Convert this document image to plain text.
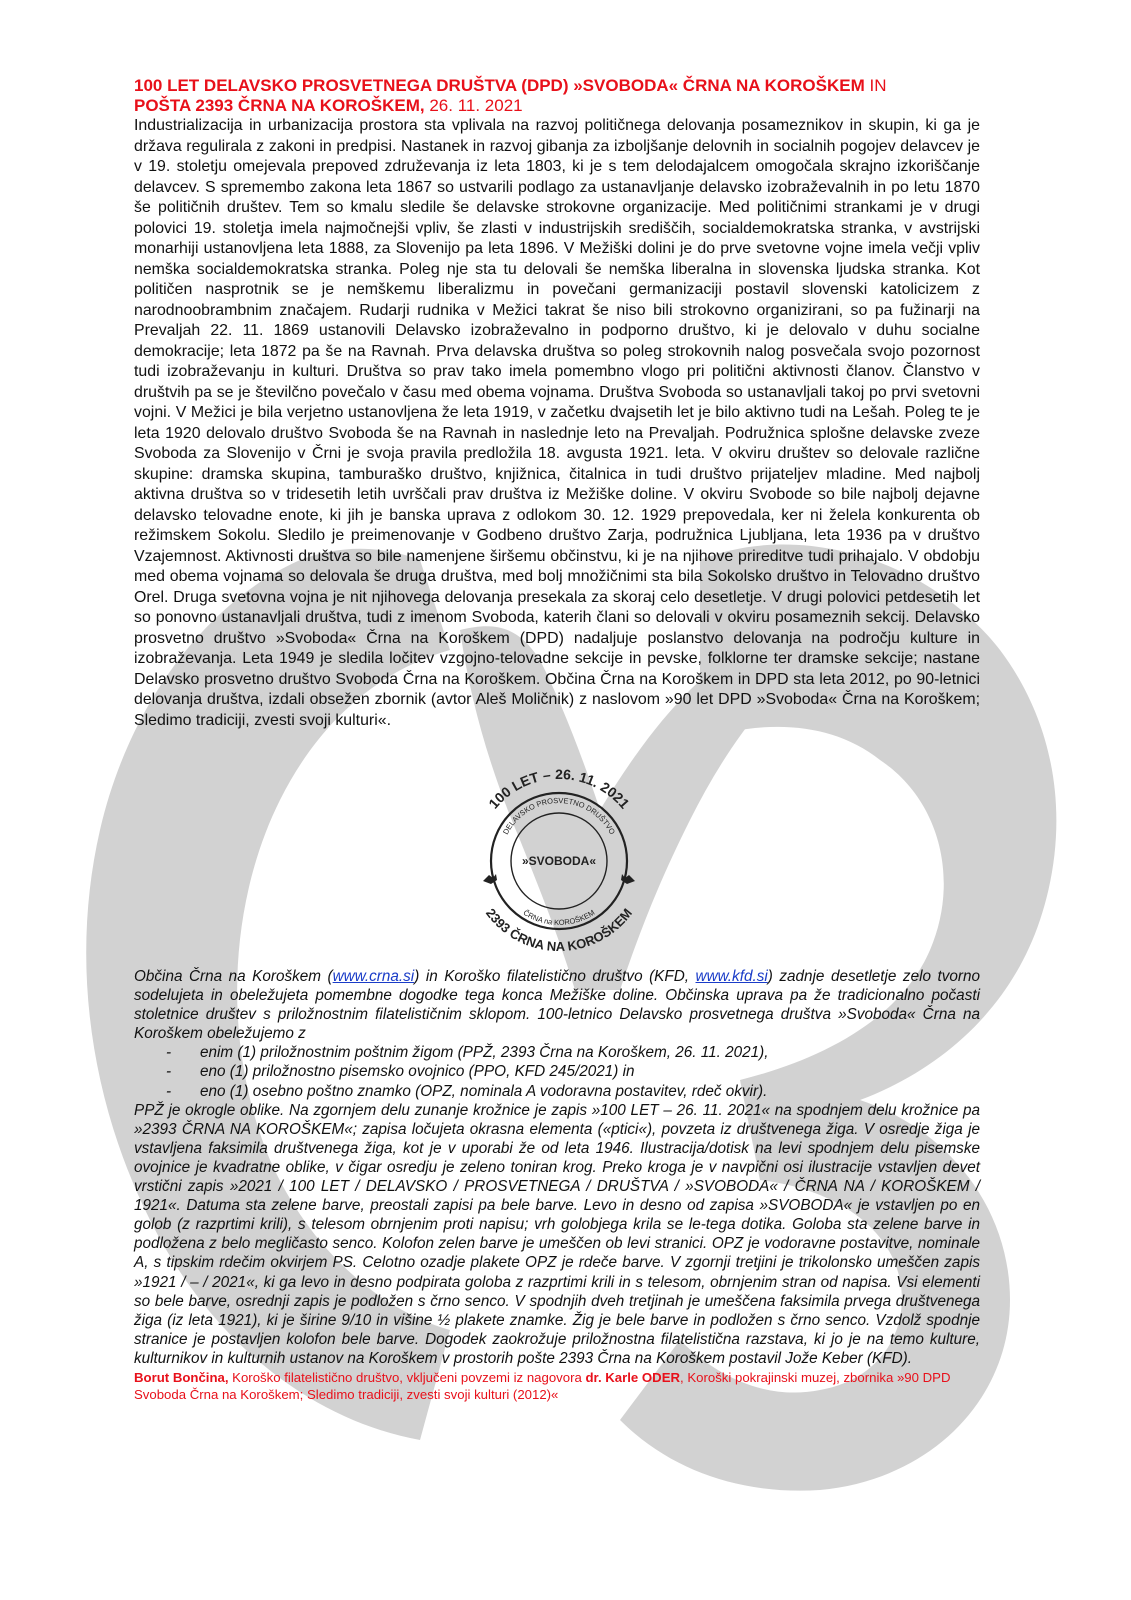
100 LET DELAVSKO PROSVETNEGA DRUŠTVA (DPD) »SVOBODA« ČRNA NA KOROŠKEM IN
POŠTA 2393 ČRNA NA KOROŠKEM, 26. 11. 2021

Industrializacija in urbanizacija prostora sta vplivala na razvoj političnega delovanja posameznikov in skupin, ki ga je država regulirala z zakoni in predpisi. Nastanek in razvoj gibanja za izboljšanje delovnih in socialnih pogojev delavcev je v 19. stoletju omejevala prepoved združevanja iz leta 1803, ki je s tem delodajalcem omogočala skrajno izkoriščanje delavcev. S spremembo zakona leta 1867 so ustvarili podlago za ustanavljanje delavsko izobraževalnih in po letu 1870 še političnih društev. Tem so kmalu sledile še delavske strokovne organizacije. Med političnimi strankami je v drugi polovici 19. stoletja imela najmočnejši vpliv, še zlasti v industrijskih središčih, socialdemokratska stranka, v avstrijski monarhiji ustanovljena leta 1888, za Slovenijo pa leta 1896. V Mežiški dolini je do prve svetovne vojne imela večji vpliv nemška socialdemokratska stranka. Poleg nje sta tu delovali še nemška liberalna in slovenska ljudska stranka. Kot političen nasprotnik se je nemškemu liberalizmu in povečani germanizaciji postavil slovenski katolicizem z narodnoobrambnim značajem. Rudarji rudnika v Mežici takrat še niso bili strokovno organizirani, so pa fužinarji na Prevaljah 22. 11. 1869 ustanovili Delavsko izobraževalno in podporno društvo, ki je delovalo v duhu socialne demokracije; leta 1872 pa še na Ravnah. Prva delavska društva so poleg strokovnih nalog posvečala svojo pozornost tudi izobraževanju in kulturi. Društva so prav tako imela pomembno vlogo pri politični aktivnosti članov. Članstvo v društvih pa se je številčno povečalo v času med obema vojnama. Društva Svoboda so ustanavljali takoj po prvi svetovni vojni. V Mežici je bila verjetno ustanovljena že leta 1919, v začetku dvajsetih let je bilo aktivno tudi na Lešah. Poleg te je leta 1920 delovalo društvo Svoboda še na Ravnah in naslednje leto na Prevaljah. Podružnica splošne delavske zveze Svoboda za Slovenijo v Črni je svoja pravila predložila 18. avgusta 1921. leta. V okviru društev so delovale različne skupine: dramska skupina, tamburaško društvo, knjižnica, čitalnica in tudi društvo prijateljev mladine. Med najbolj aktivna društva so v tridesetih letih uvrščali prav društva iz Mežiške doline. V okviru Svobode so bile najbolj dejavne delavsko telovadne enote, ki jih je banska uprava z odlokom 30. 12. 1929 prepovedala, ker ni želela konkurenta ob režimskem Sokolu. Sledilo je preimenovanje v Godbeno društvo Zarja, podružnica Ljubljana, leta 1936 pa v društvo Vzajemnost. Aktivnosti društva so bile namenjene širšemu občinstvu, ki je na njihove prireditve tudi prihajalo. V obdobju med obema vojnama so delovala še druga društva, med bolj množičnimi sta bila Sokolsko društvo in Telovadno društvo Orel. Druga svetovna vojna je nit njihovega delovanja presekala za skoraj celo desetletje. V drugi polovici petdesetih let so ponovno ustanavljali društva, tudi z imenom Svoboda, katerih člani so delovali v okviru posameznih sekcij. Delavsko prosvetno društvo »Svoboda« Črna na Koroškem (DPD) nadaljuje poslanstvo delovanja na področju kulture in izobraževanja. Leta 1949 je sledila ločitev vzgojno-telovadne sekcije in pevske, folklorne ter dramske sekcije; nastane Delavsko prosvetno društvo Svoboda Črna na Koroškem. Občina Črna na Koroškem in DPD sta leta 2012, po 90-letnici delovanja društva, izdali obsežen zbornik (avtor Aleš Moličnik) z naslovom »90 let DPD »Svoboda« Črna na Koroškem; Sledimo tradiciji, zvesti svoji kulturi«.

100 LET – 26. 11. 2021
2393 ČRNA NA KOROŠKEM
DELAVSKO PROSVETNO DRUŠTVO
ČRNA na KOROŠKEM
»SVOBODA«

Občina Črna na Koroškem (www.crna.si) in Koroško filatelistično društvo (KFD, www.kfd.si) zadnje desetletje zelo tvorno sodelujeta in obeležujeta pomembne dogodke tega konca Mežiške doline. Občinska uprava pa že tradicionalno počasti stoletnice društev s priložnostnim filatelističnim sklopom. 100-letnico Delavsko prosvetnega društva »Svoboda« Črna na Koroškem obeležujemo z

- enim (1) priložnostnim poštnim žigom (PPŽ, 2393 Črna na Koroškem, 26. 11. 2021),
- eno (1) priložnostno pisemsko ovojnico (PPO, KFD 245/2021) in
- eno (1) osebno poštno znamko (OPZ, nominala A vodoravna postavitev, rdeč okvir).

PPŽ je okrogle oblike. Na zgornjem delu zunanje krožnice je zapis »100 LET – 26. 11. 2021« na spodnjem delu krožnice pa »2393 ČRNA NA KOROŠKEM«; zapisa ločujeta okrasna elementa («ptici«), povzeta iz društvenega žiga. V osredje žiga je vstavljena faksimila društvenega žiga, kot je v uporabi že od leta 1946. Ilustracija/dotisk na levi spodnjem delu pisemske ovojnice je kvadratne oblike, v čigar osredju je zeleno toniran krog. Preko kroga je v navpični osi ilustracije vstavljen devet vrstični zapis »2021 / 100 LET / DELAVSKO / PROSVETNEGA / DRUŠTVA / »SVOBODA« / ČRNA NA / KOROŠKEM / 1921«. Datuma sta zelene barve, preostali zapisi pa bele barve. Levo in desno od zapisa »SVOBODA« je vstavljen po en golob (z razprtimi krili), s telesom obrnjenim proti napisu; vrh golobjega krila se le-tega dotika. Goloba sta zelene barve in podložena z belo megličasto senco. Kolofon zelen barve je umeščen ob levi stranici. OPZ je vodoravne postavitve, nominale A, s tipskim rdečim okvirjem PS. Celotno ozadje plakete OPZ je rdeče barve. V zgornji tretjini je trikolonsko umeščen zapis »1921 / – / 2021«, ki ga levo in desno podpirata goloba z razprtimi krili in s telesom, obrnjenim stran od napisa. Vsi elementi so bele barve, osrednji zapis je podložen s črno senco. V spodnjih dveh tretjinah je umeščena faksimila prvega društvenega žiga (iz leta 1921), ki je širine 9/10 in višine ½ plakete znamke. Žig je bele barve in podložen s črno senco. Vzdolž spodnje stranice je postavljen kolofon bele barve. Dogodek zaokrožuje priložnostna filatelistična razstava, ki jo je na temo kulture, kulturnikov in kulturnih ustanov na Koroškem v prostorih pošte 2393 Črna na Koroškem postavil Jože Keber (KFD).

Borut Bončina, Koroško filatelistično društvo, vključeni povzemi iz nagovora dr. Karle ODER, Koroški pokrajinski muzej, zbornika »90 DPD Svoboda Črna na Koroškem; Sledimo tradiciji, zvesti svoji kulturi (2012)«
